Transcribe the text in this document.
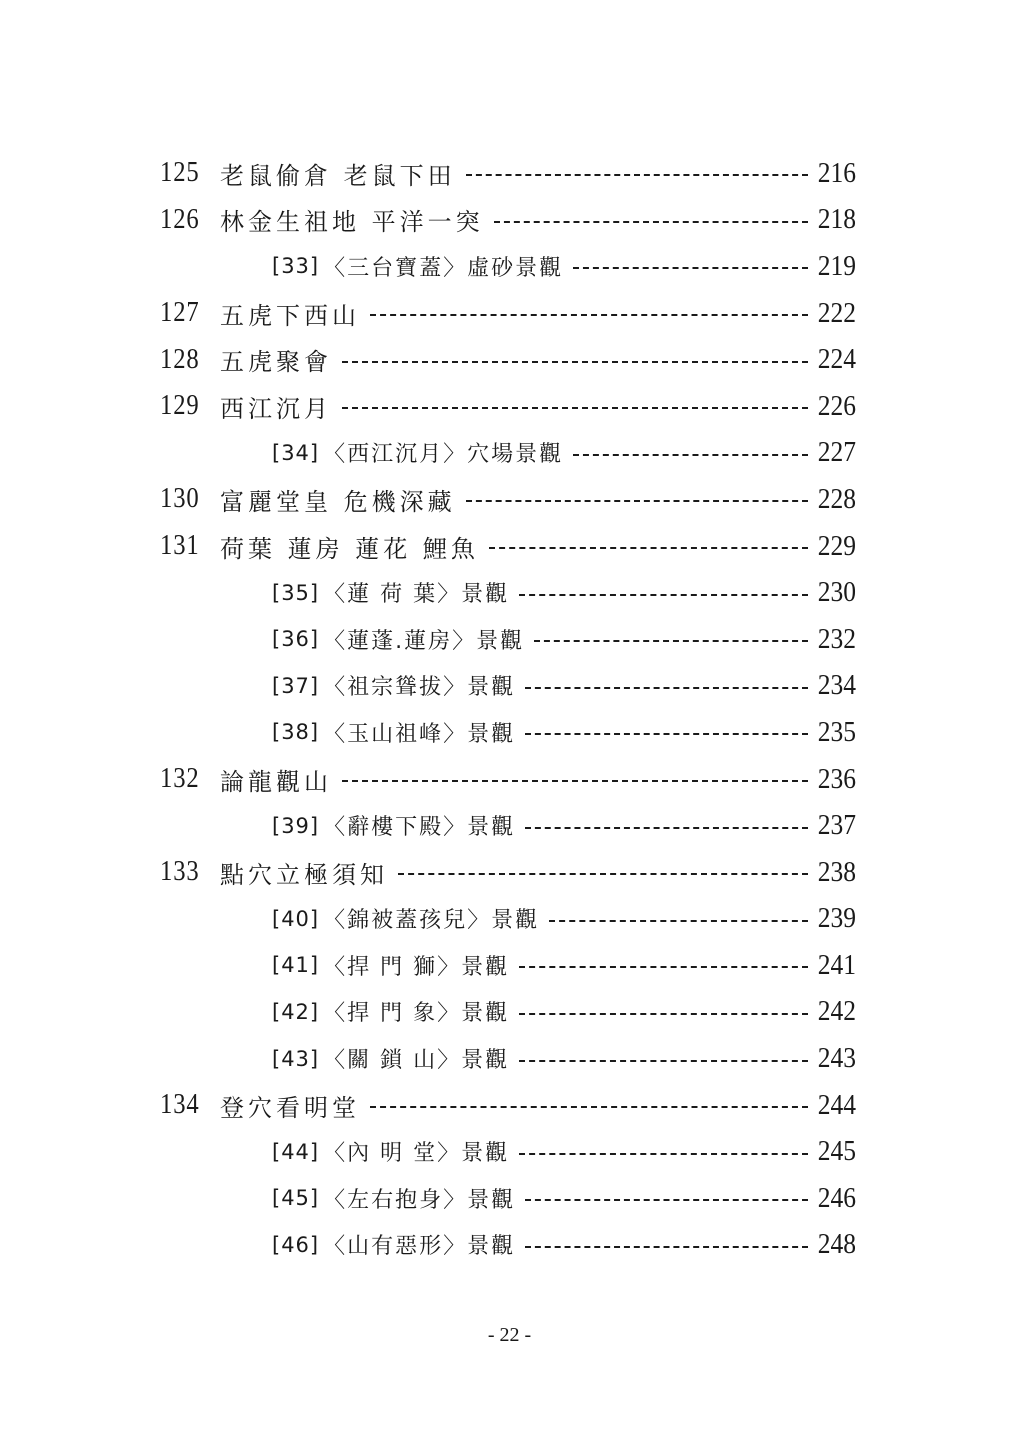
125 老鼠偷倉 老鼠下田	216
126 林金生祖地 平洋一突	218
[33] 〈三台寶蓋〉虛砂景觀	219
127 五虎下西山	222
128 五虎聚會	224
129 西江沉月	226
[34] 〈西江沉月〉穴場景觀	227
130 富麗堂皇 危機深藏	228
131 荷葉 蓮房 蓮花 鯉魚	229
[35] 〈蓮 荷 葉〉景觀	230
[36] 〈蓮蓬.蓮房〉景觀	232
[37] 〈祖宗聳拔〉景觀	234
[38] 〈玉山祖峰〉景觀	235
132 論龍觀山	236
[39] 〈辭樓下殿〉景觀	237
133 點穴立極須知	238
[40] 〈錦被蓋孩兒〉景觀	239
[41] 〈捍 門 獅〉景觀	241
[42] 〈捍 門 象〉景觀	242
[43] 〈關 鎖 山〉景觀	243
134 登穴看明堂	244
[44] 〈內 明 堂〉景觀	245
[45] 〈左右抱身〉景觀	246
[46] 〈山有惡形〉景觀	248
- 22 -
